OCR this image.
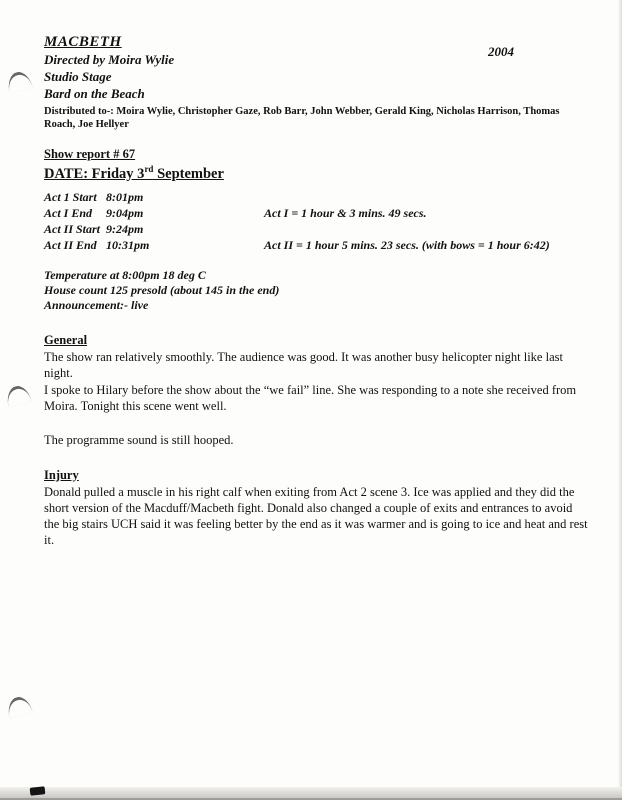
2004
MACBETH
Directed by Moira Wylie
Studio Stage
Bard on the Beach
Distributed to-: Moira Wylie, Christopher Gaze, Rob Barr, John Webber, Gerald King, Nicholas Harrison, Thomas Roach, Joe Hellyer
Show report # 67
DATE: Friday 3rd September
Act 1 Start 8:01pm
Act I End	9:04pm	Act I = 1 hour & 3 mins. 49 secs.
Act II Start 9:24pm
Act II End 10:31pm	Act II = 1 hour 5 mins. 23 secs. (with bows = 1 hour 6:42)
Temperature at 8:00pm 18 deg C
House count 125 presold (about 145 in the end)
Announcement:- live
General
The show ran relatively smoothly. The audience was good. It was another busy helicopter night like last night.
I spoke to Hilary before the show about the “we fail” line. She was responding to a note she received from Moira. Tonight this scene went well.
The programme sound is still hooped.
Injury
Donald pulled a muscle in his right calf when exiting from Act 2 scene 3. Ice was applied and they did the short version of the Macduff/Macbeth fight. Donald also changed a couple of exits and entrances to avoid the big stairs UCH said it was feeling better by the end as it was warmer and is going to ice and heat and rest it.
